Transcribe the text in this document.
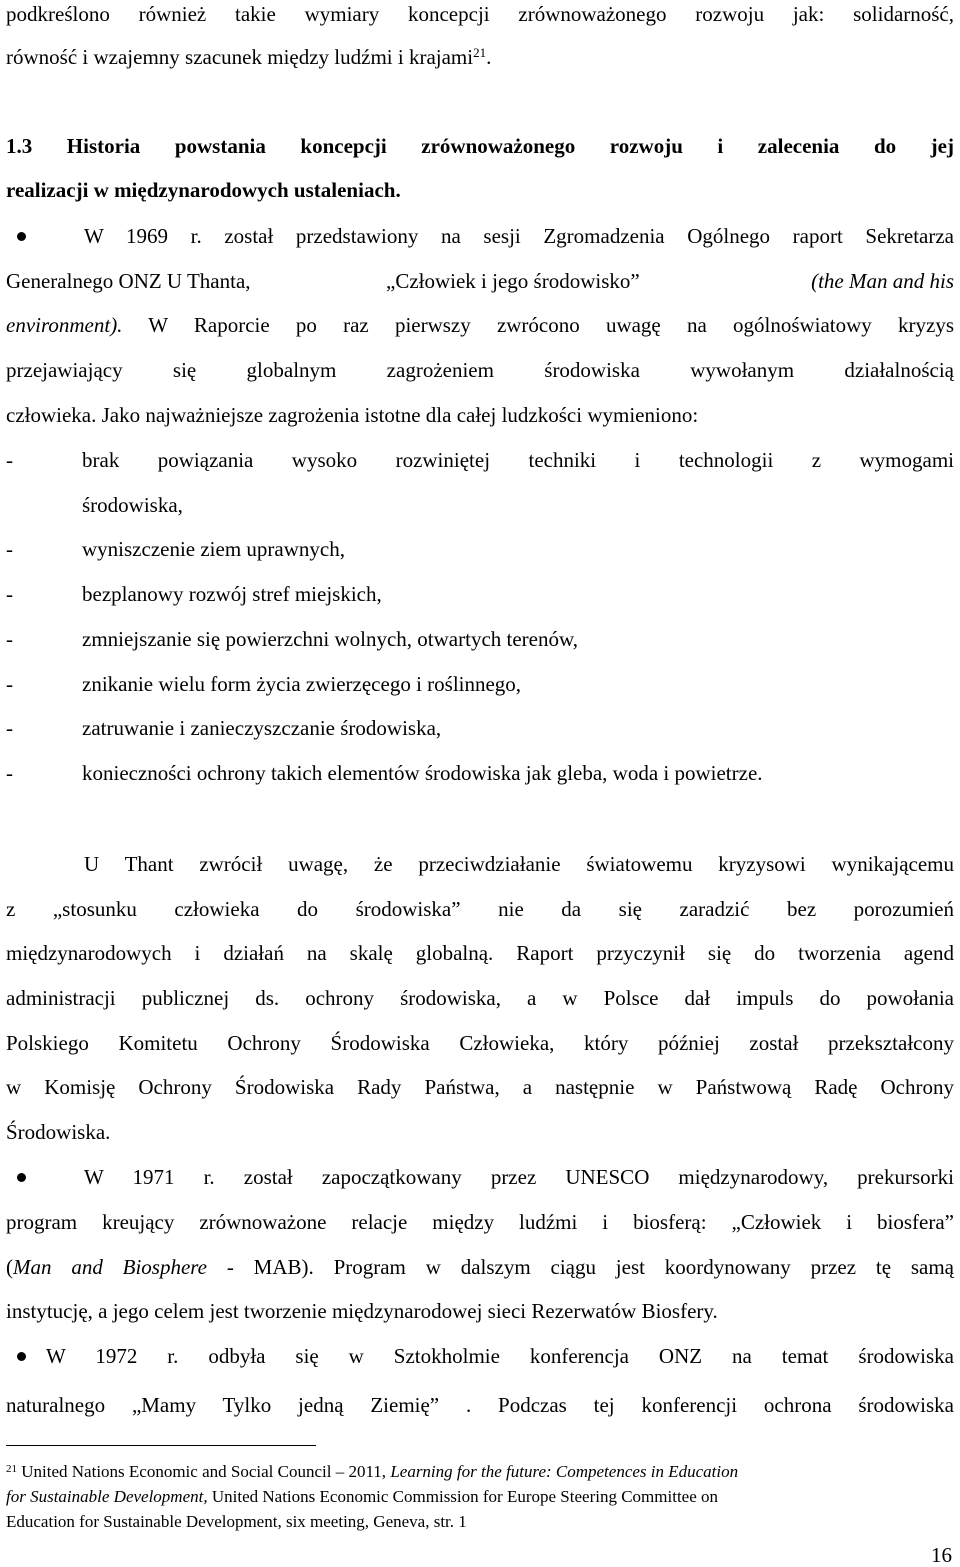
podkreślono również takie wymiary koncepcji zrównoważonego rozwoju jak: solidarność,
równość i wzajemny szacunek między ludźmi i krajami$^{21}$.
1.3 Historia powstania koncepcji zrównoważonego rozwoju i zalecenia do jej
realizacji w międzynarodowych ustaleniach.
W 1969 r. został przedstawiony na sesji Zgromadzenia Ogólnego raport Sekretarza
Generalnego ONZ U Thanta,	„Człowiek i jego środowisko”	(the Man and his
environment). W Raporcie po raz pierwszy zwrócono uwagę na ogólnoświatowy kryzys
przejawiający się globalnym zagrożeniem środowiska wywołanym działalnością
człowieka. Jako najważniejsze zagrożenia istotne dla całej ludzkości wymieniono:
-	brak powiązania wysoko rozwiniętej techniki i technologii z wymogami
środowiska,
-	wyniszczenie ziem uprawnych,
-	bezplanowy rozwój stref miejskich,
-	zmniejszanie się powierzchni wolnych, otwartych terenów,
-	znikanie wielu form życia zwierzęcego i roślinnego,
-	zatruwanie i zanieczyszczanie środowiska,
-	konieczności ochrony takich elementów środowiska jak gleba, woda i powietrze.
U Thant zwrócił uwagę, że przeciwdziałanie światowemu kryzysowi wynikającemu
z „stosunku człowieka do środowiska” nie da się zaradzić bez porozumień
międzynarodowych i działań na skalę globalną. Raport przyczynił się do tworzenia agend
administracji publicznej ds. ochrony środowiska, a w Polsce dał impuls do powołania
Polskiego Komitetu Ochrony Środowiska Człowieka, który później został przekształcony
w Komisję Ochrony Środowiska Rady Państwa, a następnie w Państwową Radę Ochrony
Środowiska.
W 1971 r. został zapoczątkowany przez UNESCO międzynarodowy, prekursorki
program kreujący zrównoważone relacje między ludźmi i biosferą: „Człowiek i biosfera”
(Man and Biosphere - MAB). Program w dalszym ciągu jest koordynowany przez tę samą
instytucję, a jego celem jest tworzenie międzynarodowej sieci Rezerwatów Biosfery.
W 1972 r. odbyła się w Sztokholmie konferencja ONZ na temat środowiska
naturalnego „Mamy Tylko jedną Ziemię” . Podczas tej konferencji ochrona środowiska
$^{21}$ United Nations Economic and Social Council – 2011, Learning for the future: Competences in Education
for Sustainable Development, United Nations Economic Commission for Europe Steering Committee on
Education for Sustainable Development, six meeting, Geneva, str. 1
16
